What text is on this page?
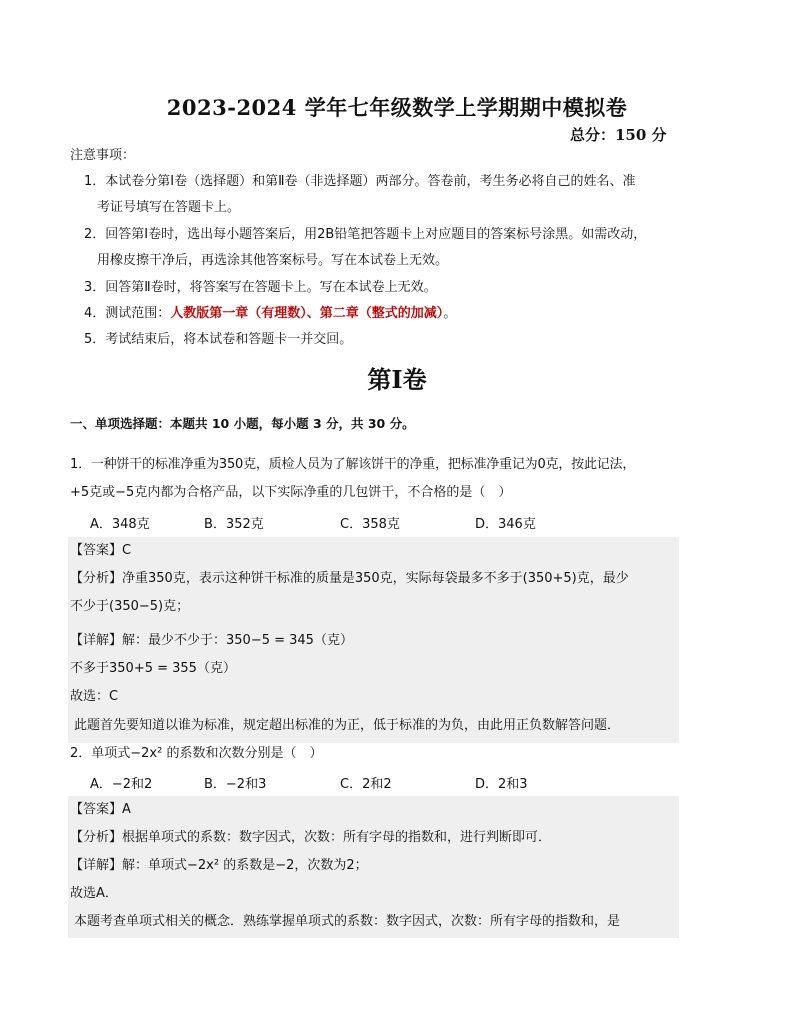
2023-2024 学年七年级数学上学期期中模拟卷
总分：150 分
注意事项：
1．本试卷分第Ⅰ卷（选择题）和第Ⅱ卷（非选择题）两部分。答卷前，考生务必将自己的姓名、准
考证号填写在答题卡上。
2．回答第Ⅰ卷时，选出每小题答案后，用2B铅笔把答题卡上对应题目的答案标号涂黑。如需改动，
用橡皮擦干净后，再选涂其他答案标号。写在本试卷上无效。
3．回答第Ⅱ卷时，将答案写在答题卡上。写在本试卷上无效。
4．测试范围：人教版第一章（有理数）、第二章（整式的加减）。
5．考试结束后，将本试卷和答题卡一并交回。
第Ⅰ卷
一、单项选择题：本题共 10 小题，每小题 3 分，共 30 分。
1．一种饼干的标准净重为350克，质检人员为了解该饼干的净重，把标准净重记为0克，按此记法，
+5克或−5克内都为合格产品，以下实际净重的几包饼干，不合格的是（　）
A．348克	B．352克	C．358克	D．346克
【答案】C
【分析】净重350克，表示这种饼干标准的质量是350克，实际每袋最多不多于(350+5)克，最少
不少于(350−5)克；
【详解】解：最少不少于：350−5 = 345（克）
不多于350+5 = 355（克）
故选：C
此题首先要知道以谁为标准，规定超出标准的为正，低于标准的为负，由此用正负数解答问题．
2．单项式−2x² 的系数和次数分别是（　）
A．−2和2	B．−2和3	C．2和2	D．2和3
【答案】A
【分析】根据单项式的系数：数字因式，次数：所有字母的指数和，进行判断即可．
【详解】解：单项式−2x² 的系数是−2，次数为2；
故选A．
本题考查单项式相关的概念．熟练掌握单项式的系数：数字因式，次数：所有字母的指数和，是
